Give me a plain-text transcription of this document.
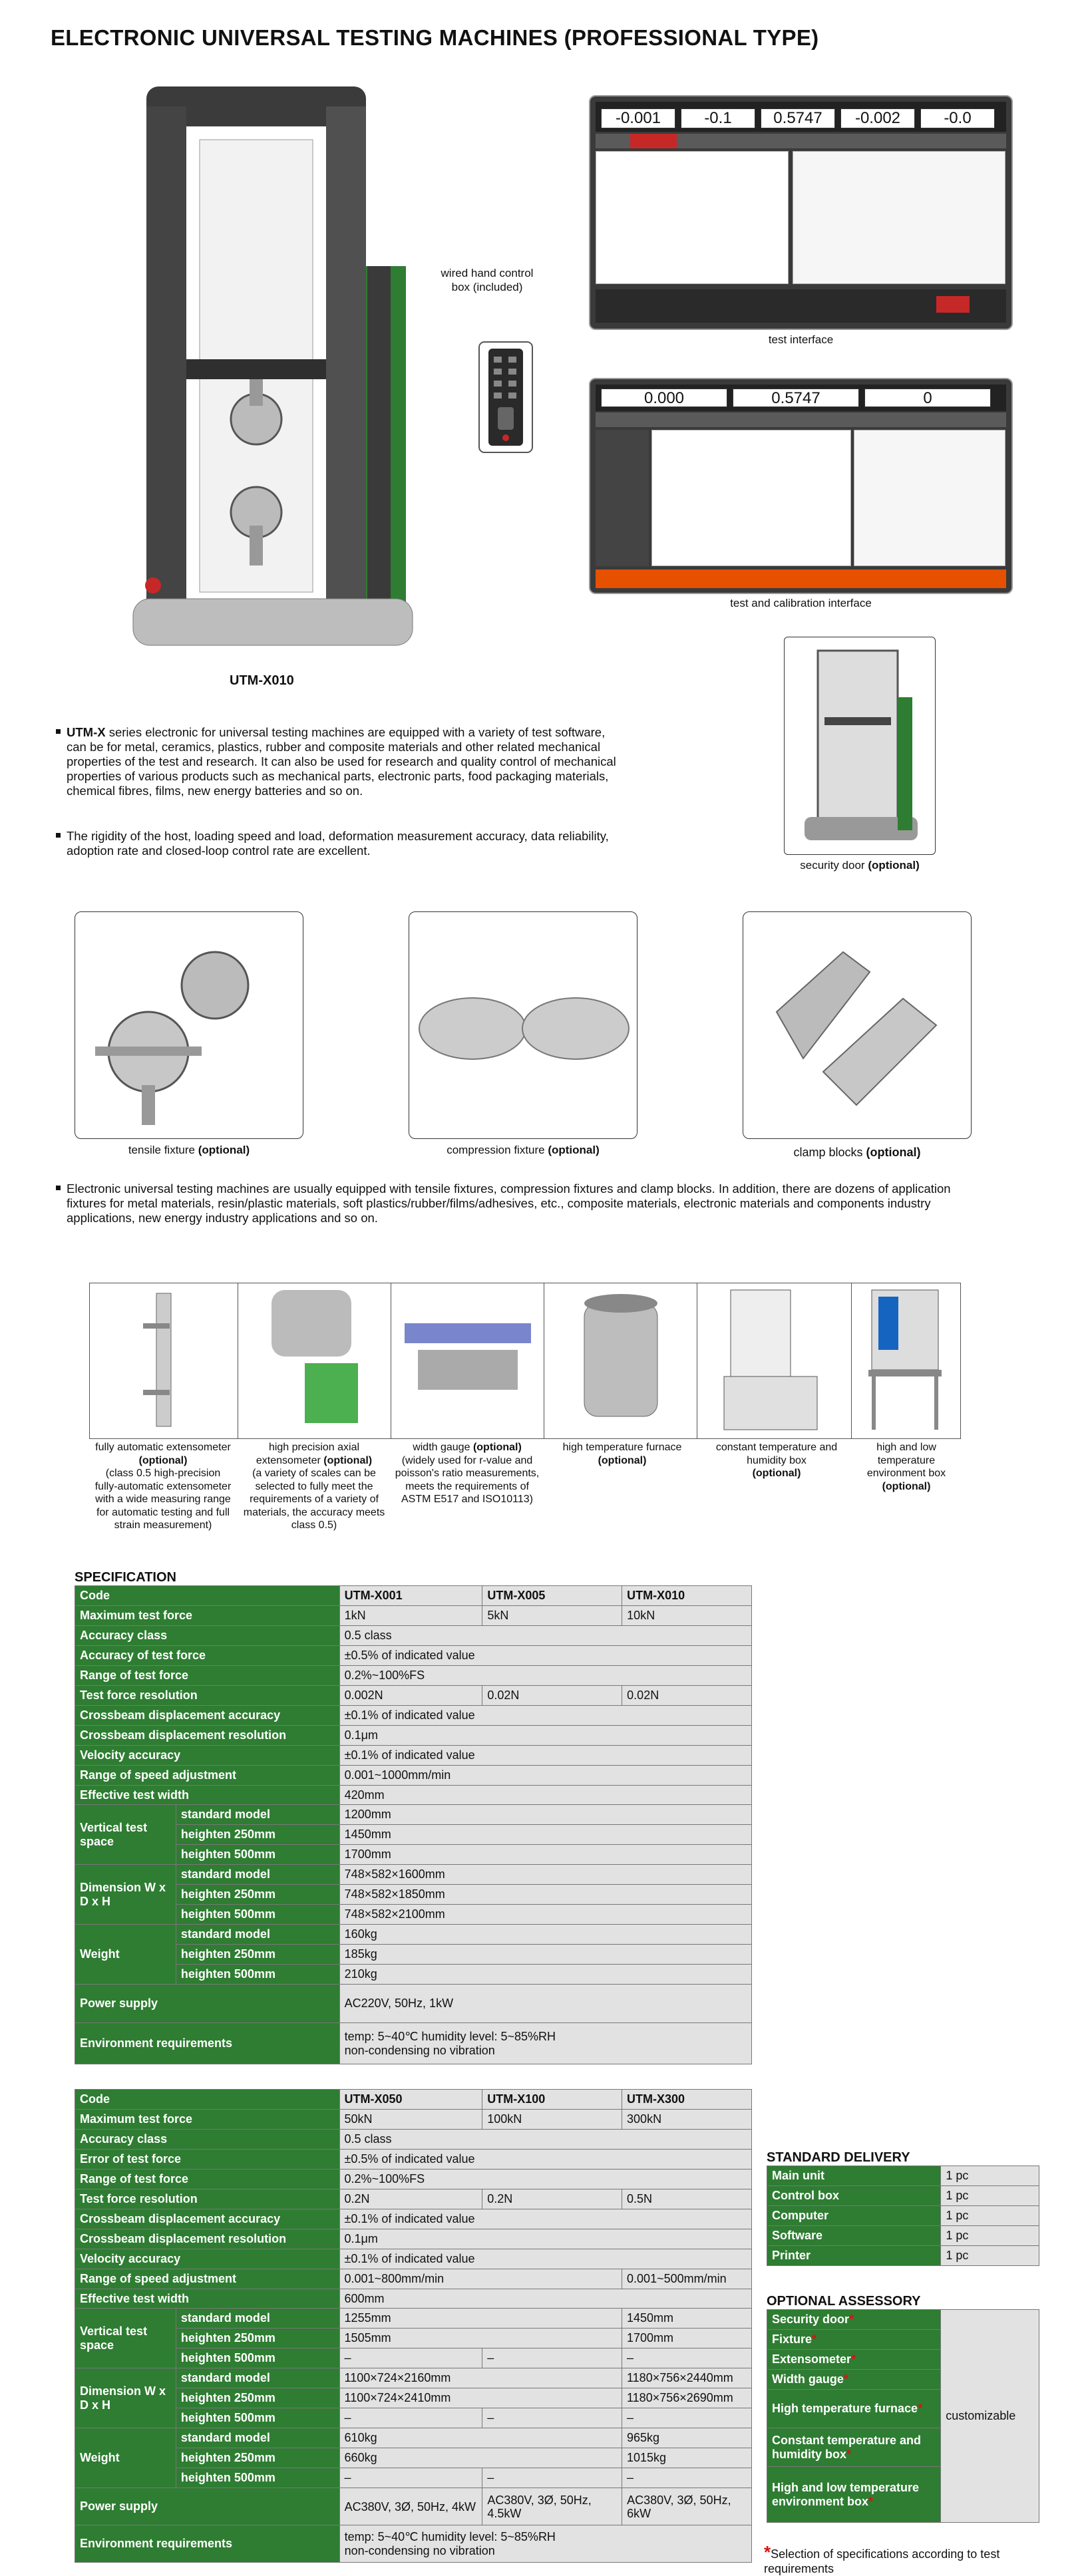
ELECTRONIC UNIVERSAL TESTING MACHINES (PROFESSIONAL TYPE)
UTM-X010
wired hand control box (included)
-0.001	-0.1	0.5747	-0.002	-0.0
test interface
0.000	0.5747	0
test and calibration interface
security door (optional)
UTM-X series electronic for universal testing machines are equipped with a variety of test software, can be for metal, ceramics, plastics, rubber and composite materials and other related mechanical properties of the test and research. It can also be used for research and quality control of mechanical properties of various products such as mechanical parts, electronic parts, food packaging materials, chemical fibres, films, new energy batteries and so on.
The rigidity of the host, loading speed and load, deformation measurement accuracy, data reliability, adoption rate and closed-loop control rate are excellent.
tensile fixture (optional)	compression fixture (optional)	clamp blocks (optional)
Electronic universal testing machines are usually equipped with tensile fixtures, compression fixtures and clamp blocks. In addition, there are dozens of application fixtures for metal materials, resin/plastic materials, soft plastics/rubber/films/adhesives, etc., composite materials, electronic materials and components industry applications, new energy industry applications and so on.
fully automatic extensometer (optional)
(class 0.5 high-precision fully-automatic extensometer with a wide measuring range for automatic testing and full strain measurement)
high precision axial extensometer (optional)
(a variety of scales can be selected to fully meet the requirements of a variety of materials, the accuracy meets class 0.5)
width gauge (optional)
(widely used for r-value and poisson's ratio measurements, meets the requirements of ASTM E517 and ISO10113)
high temperature furnace
(optional)
constant temperature and humidity box
(optional)
high and low temperature environment box
(optional)
SPECIFICATION
Code	UTM-X001	UTM-X005	UTM-X010
Maximum test force	1kN	5kN	10kN
Accuracy class	0.5 class		
Accuracy of test force	±0.5% of indicated value		
Range of test force	0.2%~100%FS		
Test force resolution	0.002N	0.02N	0.02N
Crossbeam displacement accuracy	±0.1% of indicated value		
Crossbeam displacement resolution	0.1μm		
Velocity accuracy	±0.1% of indicated value		
Range of speed adjustment	0.001~1000mm/min		
Effective test width	420mm		
Vertical test space	standard model	1200mm
	heighten 250mm	1450mm
	heighten 500mm	1700mm
Dimension W x D x H	standard model	748×582×1600mm
	heighten 250mm	748×582×1850mm
	heighten 500mm	748×582×2100mm
Weight	standard model	160kg
	heighten 250mm	185kg
	heighten 500mm	210kg
Power supply	AC220V, 50Hz, 1kW
Environment requirements	temp: 5~40℃ humidity level: 5~85%RH
non-condensing no vibration
Code	UTM-X050	UTM-X100	UTM-X300
Maximum test force	50kN	100kN	300kN
Accuracy class	0.5 class		
Error of test force	±0.5% of indicated value		
Range of test force	0.2%~100%FS		
Test force resolution	0.2N	0.2N	0.5N
Crossbeam displacement accuracy	±0.1% of indicated value		
Crossbeam displacement resolution	0.1μm		
Velocity accuracy	±0.1% of indicated value		
Range of speed adjustment	0.001~800mm/min		0.001~500mm/min
Effective test width	600mm		
Vertical test space	standard model	1255mm		1450mm
	heighten 250mm	1505mm		1700mm
	heighten 500mm	–	–	–
Dimension W x D x H	standard model	1100×724×2160mm		1180×756×2440mm
	heighten 250mm	1100×724×2410mm		1180×756×2690mm
	heighten 500mm	–	–	–
Weight	standard model	610kg		965kg
	heighten 250mm	660kg		1015kg
	heighten 500mm	–	–	–
Power supply	AC380V, 3Ø, 50Hz, 4kW	AC380V, 3Ø, 50Hz, 4.5kW	AC380V, 3Ø, 50Hz, 6kW
Environment requirements	temp: 5~40℃ humidity level: 5~85%RH
non-condensing no vibration		
STANDARD DELIVERY
Main unit	1 pc
Control box	1 pc
Computer	1 pc
Software	1 pc
Printer	1 pc
OPTIONAL ASSESSORY
Security door*	customizable
Fixture*
Extensometer*
Width gauge*
High temperature furnace*
Constant temperature and humidity box*
High and low temperature environment box*
*Selection of specifications according to test requirements
